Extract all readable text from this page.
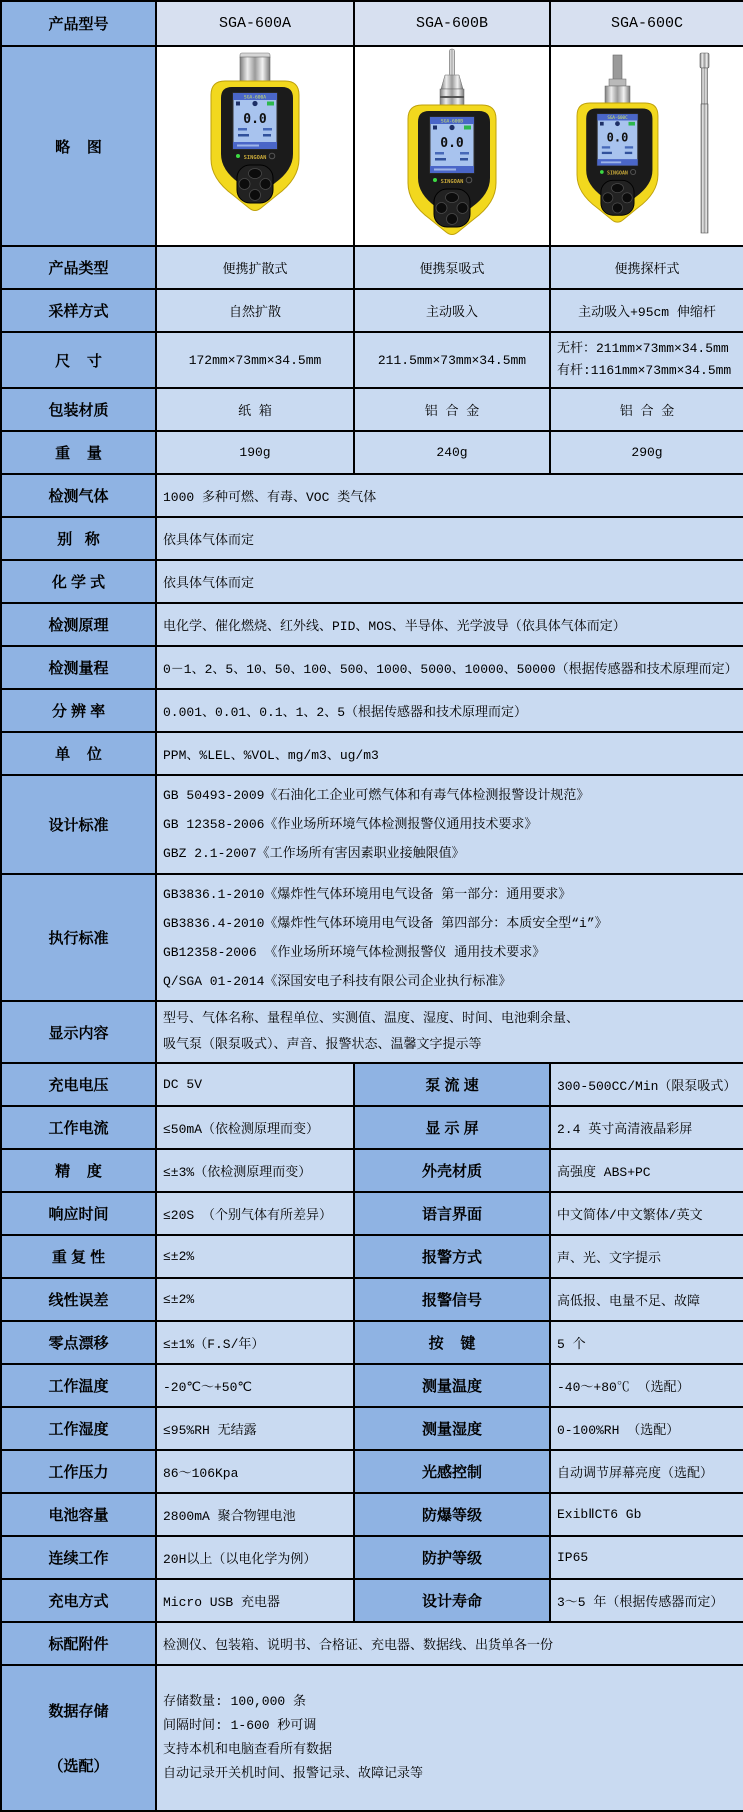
产品型号	SGA-600A	SGA-600B	SGA-600C
略    图	SGA-600A
0.0
SINGOAN	SGA-600B
0.0
SINGOAN	SGA-600C
0.0
SINGOAN

产品类型	便携扩散式	便携泵吸式	便携探杆式
采样方式	自然扩散	主动吸入	主动吸入+95cm 伸缩杆
尺    寸	172mm×73mm×34.5mm	211.5mm×73mm×34.5mm	无杆：211mm×73mm×34.5mm
有杆:1161mm×73mm×34.5mm

包装材质	纸 箱	铝 合 金	铝 合 金
重    量	190g	240g	290g
检测气体	1000 多种可燃、有毒、VOC 类气体		
别   称	依具体气体而定		
化 学 式	依具体气体而定		
检测原理	电化学、催化燃烧、红外线、PID、MOS、半导体、光学波导（依具体气体而定）		
检测量程	0－1、2、5、10、50、100、500、1000、5000、10000、50000（根据传感器和技术原理而定）		
分 辨 率	0.001、0.01、0.1、1、2、5（根据传感器和技术原理而定）		
单    位	PPM、%LEL、%VOL、mg/m3、ug/m3		
设计标准	GB 50493-2009《石油化工企业可燃气体和有毒气体检测报警设计规范》
GB 12358-2006《作业场所环境气体检测报警仪通用技术要求》
GBZ 2.1-2007《工作场所有害因素职业接触限值》		

执行标准	GB3836.1-2010《爆炸性气体环境用电气设备 第一部分：通用要求》
GB3836.4-2010《爆炸性气体环境用电气设备 第四部分：本质安全型“i”》
GB12358-2006 《作业场所环境气体检测报警仪 通用技术要求》
Q/SGA 01-2014《深国安电子科技有限公司企业执行标准》		

显示内容	型号、气体名称、量程单位、实测值、温度、湿度、时间、电池剩余量、
吸气泵（限泵吸式）、声音、报警状态、温馨文字提示等		

充电电压	DC 5V	泵 流 速	300-500CC/Min（限泵吸式）
工作电流	≤50mA（依检测原理而变）	显 示 屏	2.4 英寸高清液晶彩屏
精    度	≤±3%（依检测原理而变）	外壳材质	高强度 ABS+PC
响应时间	≤20S （个别气体有所差异）	语言界面	中文简体/中文繁体/英文
重 复 性	≤±2%	报警方式	声、光、文字提示
线性误差	≤±2%	报警信号	高低报、电量不足、故障
零点漂移	≤±1%（F.S/年）	按    键	5 个
工作温度	-20℃～+50℃	测量温度	-40～+80℃ （选配）
工作湿度	≤95%RH 无结露	测量湿度	0-100%RH （选配）
工作压力	86～106Kpa	光感控制	自动调节屏幕亮度（选配）
电池容量	2800mA 聚合物锂电池	防爆等级	ExibⅡCT6 Gb
连续工作	20H以上（以电化学为例）	防护等级	IP65
充电方式	Micro USB 充电器	设计寿命	3～5 年（根据传感器而定）
标配附件	检测仪、包装箱、说明书、合格证、充电器、数据线、出货单各一份		

数据存储

（选配）

存储数量: 100,000 条
间隔时间: 1-600 秒可调
支持本机和电脑查看所有数据
自动记录开关机时间、报警记录、故障记录等
